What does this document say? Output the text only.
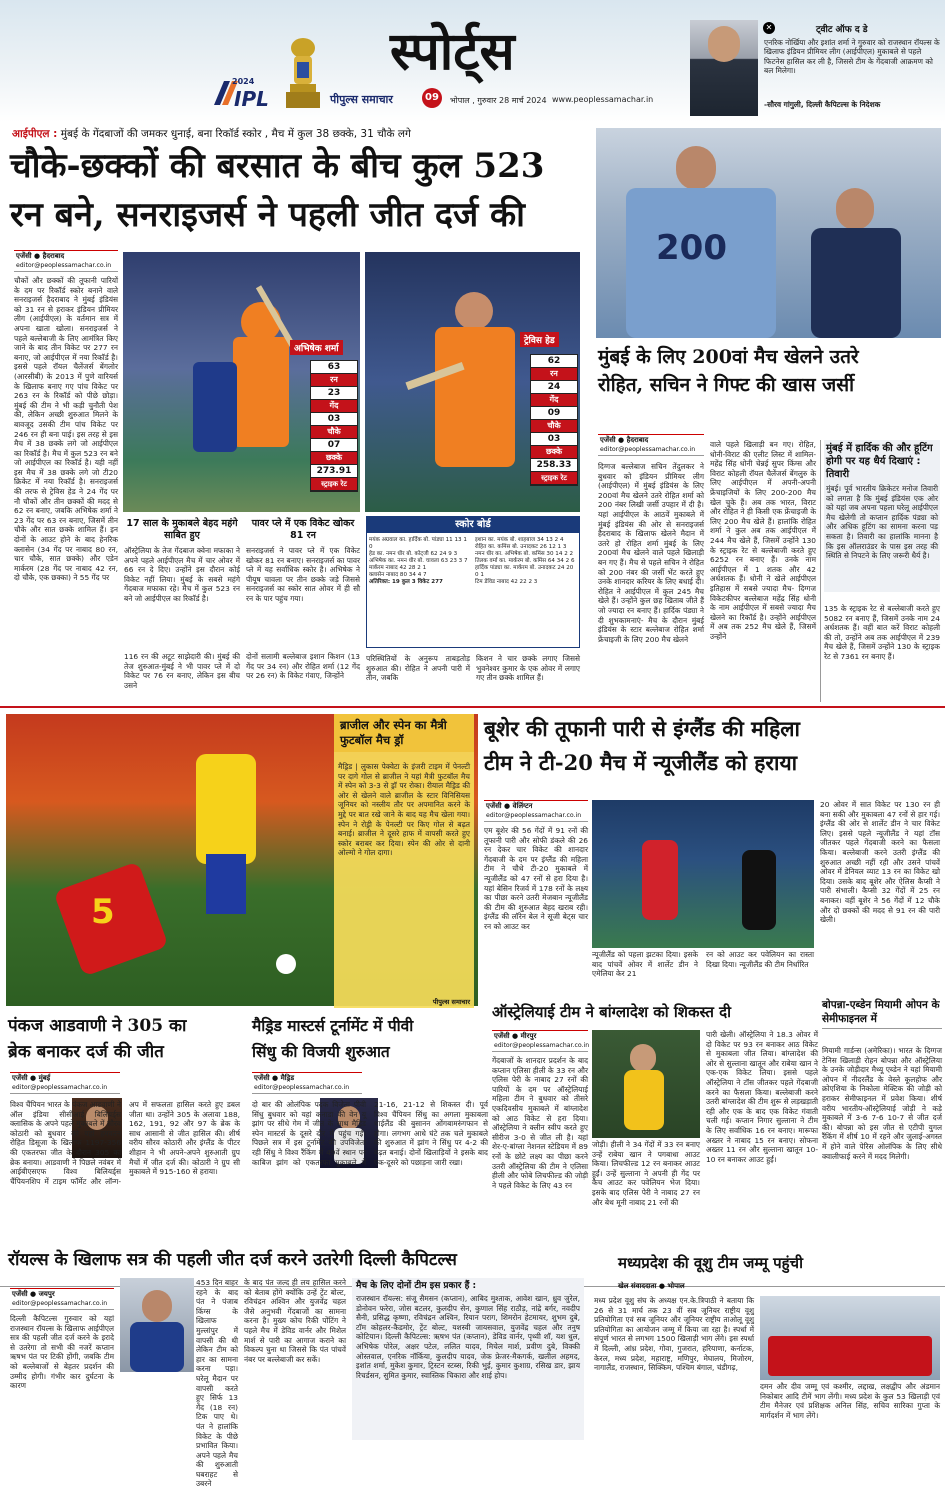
2024
IPL
स्पोर्ट्स
पीपुल्स समाचार	09	भोपाल , गुरुवार 28 मार्च 2024 www.peoplessamachar.in
✕	ट्वीट ऑफ द डे
एनरिक नोर्खिया और इशांत शर्मा ने गुरुवार को राजस्थान रॉयल्स के खिलाफ इंडियन प्रीमियर लीग (आईपीएल) मुकाबले से पहले फिटनेस हासिल कर ली है, जिससे टीम के गेंदबाजी आक्रमण को बल मिलेगा।
-सौरव गांगुली, दिल्ली कैपिटल्स के निदेशक
आईपीएल : मुंबई के गेंदबाजों की जमकर धुनाई, बना रिकॉर्ड स्कोर , मैच में कुल 38 छक्के, 31 चौके लगे
चौके-छक्कों की बरसात के बीच कुल 523
रन बने, सनराइजर्स ने पहली जीत दर्ज की
एजेंसी ● हैदराबाद
editor@peoplessamachar.co.in
चौकों और छक्कों की तूफानी पारियों के दम पर रिकॉर्ड स्कोर बनाने वाले सनराइजर्स हैदराबाद ने मुंबई इंडियंस को 31 रन से हराकर इंडियन प्रीमियर लीग (आईपीएल) के वर्तमान सत्र में अपना खाता खोला। सनराइजर्स ने पहले बल्लेबाजी के लिए आमंत्रित किए जाने के बाद तीन विकेट पर 277 रन बनाए, जो आईपीएल में नया रिकॉर्ड है। इससे पहले रॉयल चैलेंजर्स बेंगलोर (आरसीबी) के 2013 में पुणे वारियर्स के खिलाफ बनाए गए पांच विकेट पर 263 रन के रिकॉर्ड को पीछे छोड़ा। मुंबई की टीम ने भी कड़ी चुनौती पेश की, लेकिन अच्छी शुरुआत मिलने के बावजूद उसकी टीम पांच विकेट पर 246 रन ही बना पाई। इस तरह से इस मैच में 38 छक्के लगे जो आईपीएल का रिकॉर्ड है। मैच में कुल 523 रन बने जो आईपीएल का रिकॉर्ड है। यही नहीं इस मैच में 38 छक्के लगे जो टी20 क्रिकेट में नया रिकॉर्ड है। सनराइजर्स की तरफ से ट्रेविस हेड ने 24 गेंद पर नौ चौकों और तीन छक्कों की मदद से 62 रन बनाए, जबकि अभिषेक शर्मा ने 23 गेंद पर 63 रन बनाए, जिसमें तीन चौके और सात छक्के शामिल हैं। इन दोनों के आउट होने के बाद हेनरिक क्लासेन (34 गेंद पर नाबाद 80 रन, चार चौके, सात छक्के) और एडेन मार्करम (28 गेंद पर नाबाद 42 रन, दो चौके, एक छक्का) ने 55 गेंद पर
अभिषेक शर्मा
63
रन
23
गेंद
03
चौके
07
छक्के
273.91
स्ट्राइक रेट
ट्रेविस हेड
62
रन
24
गेंद
09
चौके
03
छक्के
258.33
स्ट्राइक रेट
17 साल के मुकाबले बेहद महंगे साबित हुए
ऑस्ट्रेलिया के तेज गेंदबाज क्वेना मफाका ने अपने पहले आईपीएल मैच में चार ओवर में 66 रन दे दिए। उन्होंने इस दौरान कोई विकेट नहीं लिया। मुंबई के सबसे महंगे गेंदबाज मफाका रहे। मैच में कुल 523 रन बने जो आईपीएल का रिकॉर्ड है।
पावर प्ले में एक विकेट खोकर 81 रन
सनराइजर्स ने पावर प्ले में एक विकेट खोकर 81 रन बनाए। सनराइजर्स का पावर प्ले में यह सर्वाधिक स्कोर है। अभिषेक ने पीयूष चावला पर तीन छक्के जड़े जिससे सनराइजर्स का स्कोर सात ओवर में ही सौ रन के पार पहुंच गया।
116 रन की अटूट साझेदारी की। मुंबई की तेज शुरुआत-मुंबई ने भी पावर प्ले में दो विकेट पर 76 रन बनाए, लेकिन इस बीच उसने
दोनों सलामी बल्लेबाज इशान किशन (13 गेंद पर 34 रन) और रोहित शर्मा (12 गेंद पर 26 रन) के विकेट गंवाए, जिन्होंने
स्कोर बोर्ड
मयंक अग्रवाल का. हार्दिक बो. पांड्या 11 13 1 0
हेड का. नमन धीर बो. कोट्जी 62 24 9 3
अभिषेक का. नमन धीर बो. चावला 63 23 3 7
मार्करम नाबाद 42 28 2 1
क्लासेन नाबाद 80 34 4 7
अतिरिक्त: 19 कुल 3 विकेट 277
इशान का. मयंक बो. शाहबाज 34 13 2 4
रोहित का. कमिंस बो. उनादकट 26 12 1 3
नमन धीर का. अभिषेक बो. कमिंस 30 14 2 2
तिलक वर्मा का. मार्करम बो. कमिंस 64 34 2 6
हार्दिक पांड्या का. मार्करम बो. उनादकट 24 20 0 1
टिम डेविड नाबाद 42 22 2 3
परिस्थितियों के अनुरूप ताबड़तोड़ शुरुआत की। रोहित ने अपनी पारी में तीन, जबकि
किशन ने चार छक्के लगाए जिससे भुवनेश्वर कुमार के एक ओवर में लगाए गए तीन छक्के शामिल हैं।
200
मुंबई के लिए 200वां मैच खेलने उतरे
रोहित, सचिन ने गिफ्ट की खास जर्सी
एजेंसी ● हैदराबाद
editor@peoplessamachar.co.in
दिग्गज बल्लेबाज सचिन तेंदुलकर ने बुधवार को इंडियन प्रीमियर लीग (आईपीएल) में मुंबई इंडियंस के लिए 200वां मैच खेलने उतरे रोहित शर्मा को 200 नंबर लिखी जर्सी उपहार में दी है। यहां आईपीएल के आठवें मुकाबले में मुंबई इंडियंस की ओर से सनराइजर्स हैदराबाद के खिलाफ खेलने मैदान में उतरे हो रोहित शर्मा मुंबई के लिए 200वां मैच खेलने वाले पहले खिलाड़ी बन गए हैं। मैच से पहले सचिन ने रोहित को 200 नंबर की जर्सी भेंट करते हुए उनके शानदार करियर के लिए बधाई दी। रोहित ने आईपीएल में कुल 245 मैच खेले हैं। उन्होंने कुल छह खिताब जीते हैं जो ज्यादा रन बनाए हैं। हार्दिक पंड्या ने दी शुभकामनाएं- मैच के दौरान मुंबई इंडियंस के स्टार बल्लेबाज रोहित शर्मा फ्रेंचाइजी के लिए 200 मैच खेलने
वाले पहले खिलाड़ी बन गए। रोहित, धोनी-विराट की एलीट लिस्ट में शामिल-महेंद्र सिंह धोनी चेन्नई सुपर किंग्स और विराट कोहली रॉयल चैलेंजर्स बेंगलुरु के लिए आईपीएल में अपनी-अपनी फ्रेंचाइजियों के लिए 200-200 मैच खेल चुके हैं। अब तक भारत, विराट और रोहित ने ही किसी एक फ्रेंचाइजी के लिए 200 मैच खेले हैं। हालांकि रोहित शर्मा ने कुल अब तक आईपीएल में 244 मैच खेले हैं, जिसमें उन्होंने 130 के स्ट्राइक रेट से बल्लेबाजी करते हुए 6252 रन बनाए हैं। उनके नाम आईपीएल में 1 शतक और 42 अर्धशतक हैं। धोनी ने खेले आईपीएल इतिहास में सबसे ज्यादा मैच- दिग्गज विकेटकीपर बल्लेबाज महेंद्र सिंह धोनी के नाम आईपीएल में सबसे ज्यादा मैच खेलने का रिकॉर्ड है। उन्होंने आईपीएल में अब तक 252 मैच खेले हैं, जिसमें उन्होंने
मुंबई में हार्दिक की और हूटिंग होगी पर यह धैर्य दिखाएं : तिवारी
मुंबई। पूर्व भारतीय क्रिकेटर मनोज तिवारी को लगता है कि मुंबई इंडियंस एक ओर को यहां जब अपना पहला घरेलू आईपीएल मैच खेलेगी तो कप्तान हार्दिक पंड्या को और अधिक हूटिंग का सामना करना पड़ सकता है। तिवारी का हालांकि मानना है कि इस ऑलराउंडर के पास इस तरह की स्थिति से निपटने के लिए जरूरी धैर्य है।
135 के स्ट्राइक रेट से बल्लेबाजी करते हुए 5082 रन बनाए हैं, जिसमें उनके नाम 24 अर्धशतक हैं। वहीं बात करें विराट कोहली की तो, उन्होंने अब तक आईपीएल में 239 मैच खेले हैं, जिसमें उन्होंने 130 के स्ट्राइक रेट से 7361 रन बनाए हैं।
5
ब्राजील और स्पेन का मैत्री फुटबॉल मैच ड्रॉ
मैड्रिड | लुकास पेक्वेटा के इंजरी टाइम में पेनल्टी पर दागे गोल से ब्राजील ने यहां मैत्री फुटबॉल मैच में स्पेन को 3-3 से ड्रॉ पर रोका। रीयाल मैड्रिड की ओर से खेलने वाले ब्राजील के स्टार विनिसियस जूनियर को नस्लीय तौर पर अपमानित करने के मुद्दे पर बात रखे जाने के बाद यह मैच खेला गया। स्पेन ने रोड्री के पेनल्टी पर किए गोल से बढ़त बनाई। ब्राजील ने दूसरे हाफ में वापसी करते हुए स्कोर बराबर कर दिया। स्पेन की ओर से दानी ओल्मो ने गोल दागा।
पीपुल्स समाचार
बूशेर की तूफानी पारी से इंग्लैंड की महिला
टीम ने टी-20 मैच में न्यूजीलैंड को हराया
एजेंसी ● वेलिंग्टन
editor@peoplessamachar.co.in
एम बूशेर की 56 गेंदों में 91 रनों की तूफानी पारी और सोफी डंकले की 26 रन देकर चार विकेट की शानदार गेंदबाजी के दम पर इंग्लैंड की महिला टीम ने चौथे टी-20 मुकाबले में न्यूजीलैंड को 47 रनों से हरा दिया है। यहां बेसिन रिजर्व में 178 रनों के लक्ष्य का पीछा करने उतरी मेजबान न्यूजीलैंड की टीम की शुरुआत बेहद खराब रही। इंग्लैंड की लॉरेन बेल ने सूजी बेट्स चार रन को आउट कर
न्यूजीलैंड को पहला झटका दिया। इसके बाद पांचवें ओवर में शार्लेट डीन ने एमेलिया केर 21
रन को आउट कर पवेलियन का रास्ता दिखा दिया। न्यूजीलैंड की टीम निर्धारित
20 ओवर में सात विकेट पर 130 रन ही बना सकी और मुकाबला 47 रनों से हार गई। इंग्लैंड की ओर से शार्लेट डीन ने चार विकेट लिए। इससे पहले न्यूजीलैंड ने यहां टॉस जीतकर पहले गेंदबाजी करने का फैसला किया। बल्लेबाजी करने उतरी इंग्लैंड की शुरुआत अच्छी नहीं रही और उसने पांचवें ओवर में डेनियल व्याट 13 रन का विकेट खो दिया। उसके बाद बूशेर और ऐलिस कैप्सी ने पारी संभाली। कैप्सी 32 गेंदों में 25 रन बनाकर। वहीं बूशेर ने 56 गेंदों में 12 चौके और दो छक्कों की मदद से 91 रन की पारी खेली।
पंकज आडवाणी ने 305 का
ब्रेक बनाकर दर्ज की जीत
एजेंसी ● मुंबई
editor@peoplessamachar.co.in
विश्व चैंपियन भारत के पंकज आडवाणी ने ऑल इंडिया सीसीआई बिलियर्ड्स क्लासिक के अपने पहले मुकाबले में सौरव कोठारी को बुधवार को यहां हमवतन रोहित डिसूजा के खिलाफ 1197-356 की एकतरफा जीत के दौरान 305 का ब्रेक बनाया। आडवाणी ने पिछले नवंबर में आईबीएसएफ विश्व बिलियर्ड्स चैंपियनशिप में टाइम फॉर्मेट और लॉन्ग-अप में सफलता हासिल करते हुए डबल जीता था। उन्होंने 305 के अलावा 188, 162, 191, 92 और 97 के ब्रेक के साथ आसानी से जीत हासिल की। शीर्ष वरीय सौरव कोठारी और इंग्लैंड के पीटर शीहान ने भी अपने-अपने शुरुआती ग्रुप मैचों में जीत दर्ज की। कोठारी ने ग्रुप सी मुकाबले में 915-160 से हराया।
मैड्रिड मास्टर्स टूर्नामेंट में पीवी
सिंधु की विजयी शुरुआत
एजेंसी ● मैड्रिड
editor@peoplessamachar.co.in
दो बार की ओलंपिक पदक विजेता पीवी सिंधु बुधवार को यहां कनाडा की वेन यू झांग पर सीधे गेम में जीत के साथ मैड्रिड स्पेन मास्टर्स के दूसरे दौर में पहुंच गईं। पिछले सत्र में इस टूर्नामेंट की उपविजेता रही सिंधु ने विश्व रैंकिंग में 49वें स्थान पर काबिज झांग को एकतरफा मुकाबले में 21-16, 21-12 से शिकस्त दी। पूर्व विश्व चैंपियन सिंधु का अगला मुकाबला थाईलैंड की बुसानन ओंगबामरुंगफान से होगा। लगभग आधे घंटे तक चले मुकाबले की शुरुआत में झांग ने सिंधु पर 4-2 की बढ़त बनाई। दोनों खिलाड़ियों ने इसके बाद एक-दूसरे को पछाड़ना जारी रखा।
ऑस्ट्रेलियाई टीम ने बांग्लादेश को शिकस्त दी
एजेंसी ● मीरपुर
editor@peoplessamachar.co.in
गेंदबाजों के शानदार प्रदर्शन के बाद कप्तान एलिसा हीली के 33 रन और एलिस पेरी के नाबाद 27 रनों की पारियों के दम पर ऑस्ट्रेलियाई महिला टीम ने बुधवार को तीसरे एकदिवसीय मुकाबले में बांग्लादेश को आठ विकेट से हरा दिया। ऑस्ट्रेलिया ने क्लीन स्वीप करते हुए सीरीज 3-0 से जीत ली है। यहां शेर-ए-बांग्ला नेशनल स्टेडियम में 89 रनों के छोटे लक्ष्य का पीछा करने उतरी ऑस्ट्रेलिया की टीम ने एलिसा हीली और फोबे लिचफील्ड की जोड़ी ने पहले विकेट के लिए 43 रन
जोड़ी। हीली ने 34 गेंदों में 33 रन बनाए उन्हें राबेया खान ने पगबाधा आउट किया। लिचफील्ड 12 रन बनाकर आउट हुईं। उन्हें सुल्ताना ने अपनी ही गेंद पर कैच आउट कर पवेलियन भेज दिया। इसके बाद एलिस पेरी ने नाबाद 27 रन और बेथ मूनी नाबाद 21 रनों की
पारी खेली। ऑस्ट्रेलिया ने 18.3 ओवर में दो विकेट पर 93 रन बनाकर आठ विकेट से मुकाबला जीत लिया। बांग्लादेश की ओर से सुल्ताना खातून और राबेया खान ने एक-एक विकेट लिया। इससे पहले ऑस्ट्रेलिया ने टॉस जीतकर पहले गेंदबाजी करने का फैसला किया। बल्लेबाजी करने उतरी बांग्लादेश की टीम शुरू से लड़खड़ाती रही और एक के बाद एक विकेट गंवाती चली गई। कप्तान निगार सुल्ताना ने टीम के लिए सर्वाधिक 16 रन बनाए। मारूफा अख्तर ने नाबाद 15 रन बनाए। सोफना अख्तर 11 रन और सुल्ताना खातून 10-10 रन बनाकर आउट हुईं।
बोपन्ना-एब्डेन मियामी ओपन के सेमीफाइनल में
मियामी गार्डन्स (अमेरिका)। भारत के दिग्गज टेनिस खिलाड़ी रोहन बोपन्ना और ऑस्ट्रेलिया के उनके जोड़ीदार मैथ्यू एब्डेन ने यहां मियामी ओपन में नीदरलैंड के वेस्ले कूलहोफ और क्रोएशिया के निकोला मेक्टिक की जोड़ी को हराकर सेमीफाइनल में प्रवेश किया। शीर्ष वरीय भारतीय-ऑस्ट्रेलियाई जोड़ी ने कड़े मुकाबले में 3-6 7-6 10-7 से जीत दर्ज की। बोपन्ना को इस जीत से एटीपी युगल रैंकिंग में शीर्ष 10 में रहने और जुलाई-अगस्त में होने वाले पेरिस ओलंपिक के लिए सीधे क्वालीफाई करने में मदद मिलेगी।
रॉयल्स के खिलाफ सत्र की पहली जीत दर्ज करने उतरेगी दिल्ली कैपिटल्स
एजेंसी ● जयपुर
editor@peoplessamachar.co.in
दिल्ली कैपिटल्स गुरुवार को यहां राजस्थान रॉयल्स के खिलाफ आईपीएल सत्र की पहली जीत दर्ज करने के इरादे से उतरेगा तो सभी की नजरें कप्तान ऋषभ पंत पर टिकी होंगी, जबकि टीम को बल्लेबाजों से बेहतर प्रदर्शन की उम्मीद होगी। गंभीर कार दुर्घटना के कारण
453 दिन बाहर रहने के बाद पंत ने पंजाब किंग्स के खिलाफ मुल्लांपुर में वापसी की थी लेकिन टीम को हार का सामना करना पड़ा। घरेलू मैदान पर वापसी करते हुए सिर्फ 13 गेंद (18 रन) टिक पाए थे। पंत ने हालांकि विकेट के पीछे प्रभावित किया। अपने पहले मैच की शुरुआती घबराहट से उबरने
के बाद पंत जल्द ही लय हासिल करने को बेताब होंगे क्योंकि उन्हें ट्रेंट बोल्ट, रविचंद्रन अश्विन और युजवेंद्र चहल जैसे अनुभवी गेंदबाजों का सामना करना है। मुख्य कोच रिकी पोंटिंग ने पहले मैच में डेविड वार्नर और मिशेल मार्श से पारी का आगाज कराने का विकल्प चुना था जिससे कि पंत पांचवें नंबर पर बल्लेबाजी कर सकें।
मैच के लिए दोनों टीम इस प्रकार हैं :
राजस्थान रॉयल्स: संजू सैमसन (कप्तान), आबिद मुश्ताक, आवेश खान, ध्रुव जुरेल, डोनोवन फरेरा, जोस बटलर, कुलदीप सेन, कुणाल सिंह राठौड़, नांद्रे बर्गर, नवदीप सैनी, प्रसिद्ध कृष्णा, रविचंद्रन अश्विन, रियान पराग, शिमरोन हेटमायर, शुभम दुबे, टॉम कोहलर-कैडमोर, ट्रेंट बोल्ट, यशस्वी जायसवाल, युजवेंद्र चहल और तनुष कोटियान। दिल्ली कैपिटल्स: ऋषभ पंत (कप्तान), डेविड वार्नर, पृथ्वी शॉ, यश धुल, अभिषेक पोरेल, अक्षर पटेल, ललित यादव, मिचेल मार्श, प्रवीण दुबे, विक्की ओस्तवाल, एनरिक नॉर्किया, कुलदीप यादव, जेक फ्रेजर-मैकगर्क, खलील अहमद, इशांत शर्मा, मुकेश कुमार, ट्रिस्टन स्टब्स, रिकी भुई, कुमार कुशाग्र, रसिख डार, झाय रिचर्डसन, सुमित कुमार, स्वास्तिक चिकारा और शाई होप।
मध्यप्रदेश की वूशु टीम जम्मू पहुंची
खेल संवाददाता ● भोपाल
मध्य प्रदेश वूशु संघ के अध्यक्ष एन.के.त्रिपाठी ने बताया कि 26 से 31 मार्च तक 23 वीं सब जूनियर राष्ट्रीय वूशु प्रतियोगिता एवं सब जूनियर और जूनियर राष्ट्रीय ताओलू वूशु प्रतियोगिता का आयोजन जम्मू में किया जा रहा है। स्पर्धा में संपूर्ण भारत से लगभग 1500 खिलाड़ी भाग लेंगे। इस स्पर्धा में दिल्ली, आंध्र प्रदेश, गोवा, गुजरात, हरियाणा, कर्नाटक, केरल, मध्य प्रदेश, महाराष्ट्र, मणिपुर, मेघालय, मिजोरम, नागालैंड, राजस्थान, सिक्किम, पश्चिम बंगाल, चंडीगढ़,
दमन और दीव जम्मू एवं कश्मीर, लद्दाख, लक्षद्वीप और अंडमान निकोबार आदि टीमें भाग लेंगी। मध्य प्रदेश के कुल 53 खिलाड़ी एवं टीम मैनेजर एवं प्रशिक्षक अनिल सिंह, सचिव सारिका गुप्ता के मार्गदर्शन में भाग लेंगे।
